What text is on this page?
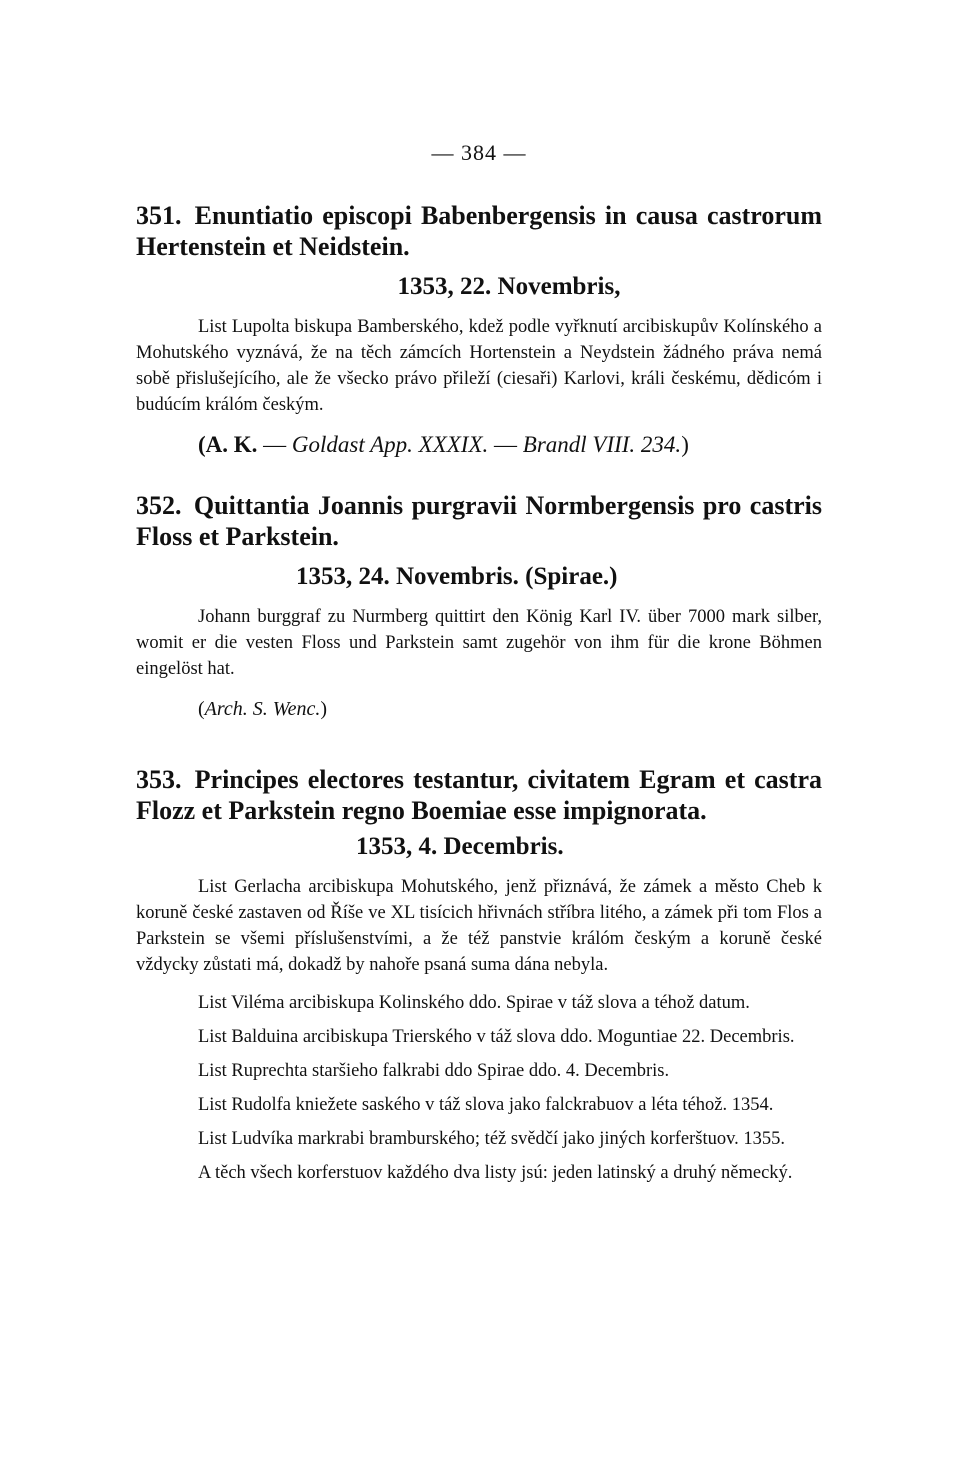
— 384 —

351. Enuntiatio episcopi Babenbergensis in causa castrorum Hertenstein et Neidstein.

1353, 22. Novembris,

List Lupolta biskupa Bamberského, kdež podle vyřknutí arcibiskupův Kolínského a Mohutského vyznává, že na těch zámcích Hortenstein a Neydstein žádného práva nemá sobě přislušejícího, ale že všecko právo přileží (ciesaři) Karlovi, králi českému, dědicóm i budúcím králóm českým.

(A. K. — Goldast App. XXXIX. — Brandl VIII. 234.)

352. Quittantia Joannis purgravii Normbergensis pro castris Floss et Parkstein.

1353, 24. Novembris. (Spirae.)

Johann burggraf zu Nurmberg quittirt den König Karl IV. über 7000 mark silber, womit er die vesten Floss und Parkstein samt zugehör von ihm für die krone Böhmen eingelöst hat.

(Arch. S. Wenc.)

353. Principes electores testantur, civitatem Egram et castra Flozz et Parkstein regno Boemiae esse impignorata.

1353, 4. Decembris.

List Gerlacha arcibiskupa Mohutského, jenž přiznává, že zámek a město Cheb k koruně české zastaven od Říše ve XL tisícich hřivnách stříbra litého, a zámek při tom Flos a Parkstein se všemi příslušenstvími, a že též panstvie králóm českým a koruně české vždycky zůstati má, dokadž by nahoře psaná suma dána nebyla.

List Viléma arcibiskupa Kolinského ddo. Spirae v táž slova a téhož datum.

List Balduina arcibiskupa Trierského v táž slova ddo. Moguntiae 22. Decembris.

List Ruprechta staršieho falkrabi ddo Spirae ddo. 4. Decembris.

List Rudolfa kniežete saského v táž slova jako falckrabuov a léta téhož. 1354.

List Ludvíka markrabi bramburského; též svědčí jako jiných korferštuov. 1355.

A těch všech korferstuov každého dva listy jsú: jeden latinský a druhý německý.
